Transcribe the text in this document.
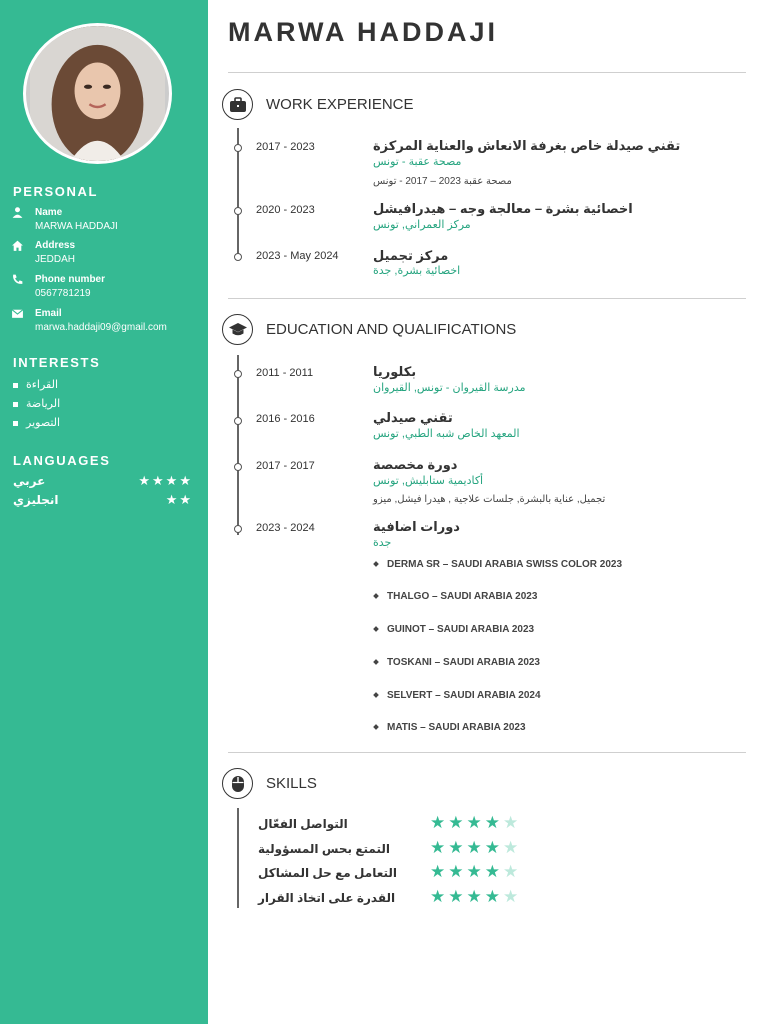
PERSONAL
Name
MARWA HADDAJI
Address
JEDDAH
Phone number
0567781219
Email
marwa.haddaji09@gmail.com
INTERESTS
القراءة
الرياضة
التصوير
LANGUAGES
عربي	★★★★
انجليزي	★★
MARWA HADDAJI
WORK EXPERIENCE
2017 - 2023	تقني صيدلة خاص بغرفة الانعاش والعناية المركزة
مصحة عقبة - تونس
مصحة عقبة 2023 – 2017 - تونس
2020 - 2023	اخصائية بشرة – معالجة وجه – هيدرافيشل
مركز العمراني, تونس
2023 - May 2024	مركز تجميل
اخصائية بشرة, جدة
EDUCATION AND QUALIFICATIONS
2011 - 2011	بكلوريا
مدرسة القيروان - تونس, القيروان
2016 - 2016	تقني صيدلي
المعهد الخاص شبه الطبي, تونس
2017 - 2017	دورة مخصصة
أكاديمية ستابليش, تونس
تجميل, عناية بالبشرة, جلسات علاجية , هيدرا فيشل, ميزو
2023 - 2024	دورات اضافية
جدة
DERMA SR – SAUDI ARABIA SWISS COLOR 2023
THALGO – SAUDI ARABIA 2023
GUINOT – SAUDI ARABIA 2023
TOSKANI – SAUDI ARABIA 2023
SELVERT – SAUDI ARABIA 2024
MATIS – SAUDI ARABIA 2023
SKILLS
التواصل الفعّال	★★★★★
التمتع بحس المسؤولية ★★★★★
التعامل مع حل المشاكل ★★★★★
القدرة على اتخاذ القرار ★★★★★
